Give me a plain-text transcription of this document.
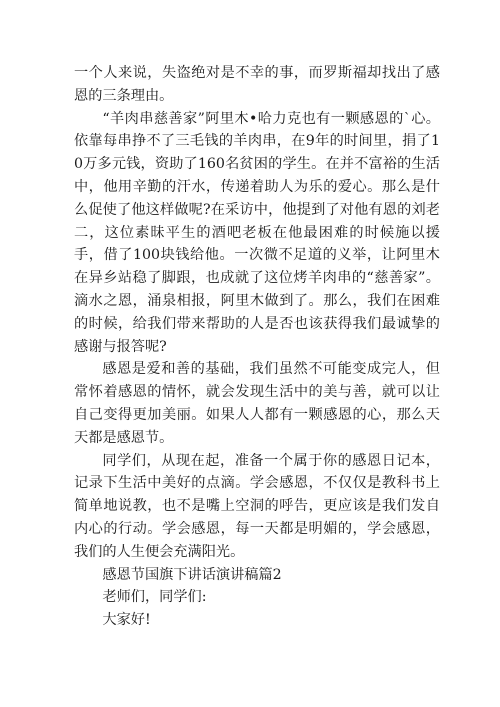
一个人来说，失盗绝对是不幸的事，而罗斯福却找出了感恩的三条理由。

“羊肉串慈善家”阿里木•哈力克也有一颗感恩的`心。依靠每串挣不了三毛钱的羊肉串，在9年的时间里，捐了10万多元钱，资助了160名贫困的学生。在并不富裕的生活中，他用辛勤的汗水，传递着助人为乐的爱心。那么是什么促使了他这样做呢?在采访中，他提到了对他有恩的刘老二，这位素昧平生的酒吧老板在他最困难的时候施以援手，借了100块钱给他。一次微不足道的义举，让阿里木在异乡站稳了脚跟，也成就了这位烤羊肉串的“慈善家”。滴水之恩，涌泉相报，阿里木做到了。那么，我们在困难的时候，给我们带来帮助的人是否也该获得我们最诚挚的感谢与报答呢?

感恩是爱和善的基础，我们虽然不可能变成完人，但常怀着感恩的情怀，就会发现生活中的美与善，就可以让自己变得更加美丽。如果人人都有一颗感恩的心，那么天天都是感恩节。

同学们，从现在起，准备一个属于你的感恩日记本，记录下生活中美好的点滴。学会感恩，不仅仅是教科书上简单地说教，也不是嘴上空洞的呼告，更应该是我们发自内心的行动。学会感恩，每一天都是明媚的，学会感恩，我们的人生便会充满阳光。

感恩节国旗下讲话演讲稿篇2

老师们，同学们:

大家好!
